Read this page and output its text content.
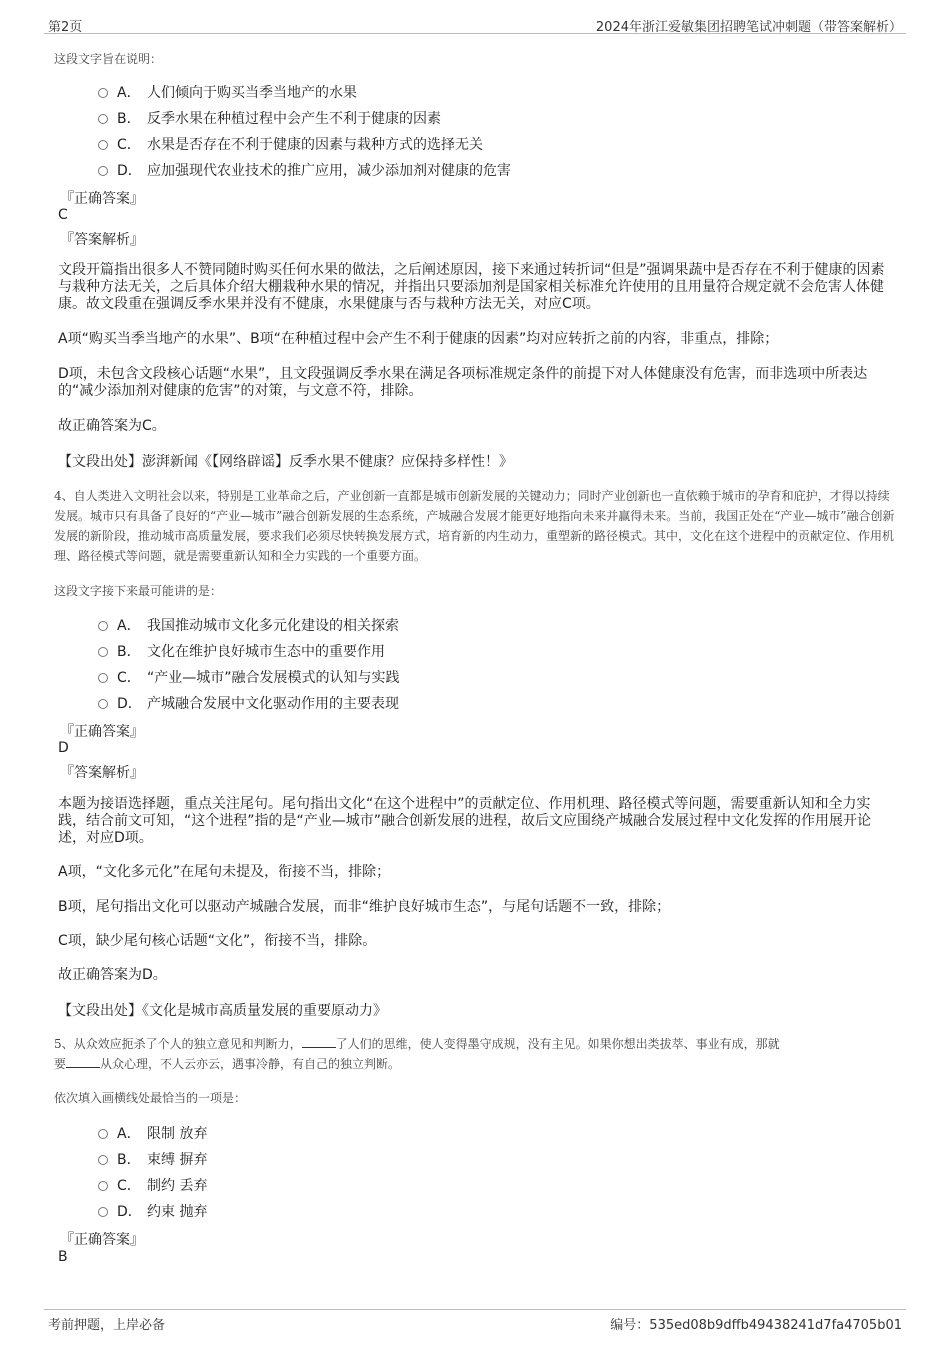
第2页	2024年浙江爱敏集团招聘笔试冲刺题（带答案解析）
这段文字旨在说明：
A． 人们倾向于购买当季当地产的水果
B． 反季水果在种植过程中会产生不利于健康的因素
C． 水果是否存在不利于健康的因素与栽种方式的选择无关
D． 应加强现代农业技术的推广应用，减少添加剂对健康的危害
『正确答案』
C
『答案解析』
文段开篇指出很多人不赞同随时购买任何水果的做法，之后阐述原因，接下来通过转折词“但是”强调果蔬中是否存在不利于健康的因素与栽种方法无关，之后具体介绍大棚栽种水果的情况，并指出只要添加剂是国家相关标准允许使用的且用量符合规定就不会危害人体健康。故文段重在强调反季水果并没有不健康，水果健康与否与栽种方法无关，对应C项。
A项“购买当季当地产的水果”、B项“在种植过程中会产生不利于健康的因素”均对应转折之前的内容，非重点，排除；
D项，未包含文段核心话题“水果”，且文段强调反季水果在满足各项标准规定条件的前提下对人体健康没有危害，而非选项中所表达的“减少添加剂对健康的危害”的对策，与文意不符，排除。
故正确答案为C。
【文段出处】澎湃新闻《【网络辟谣】反季水果不健康？应保持多样性！》
4、自人类进入文明社会以来，特别是工业革命之后，产业创新一直都是城市创新发展的关键动力；同时产业创新也一直依赖于城市的孕育和庇护，才得以持续发展。城市只有具备了良好的“产业—城市”融合创新发展的生态系统，产城融合发展才能更好地指向未来并赢得未来。当前，我国正处在“产业—城市”融合创新发展的新阶段，推动城市高质量发展，要求我们必须尽快转换发展方式，培育新的内生动力，重塑新的路径模式。其中，文化在这个进程中的贡献定位、作用机理、路径模式等问题，就是需要重新认知和全力实践的一个重要方面。
这段文字接下来最可能讲的是：
A． 我国推动城市文化多元化建设的相关探索
B． 文化在维护良好城市生态中的重要作用
C． “产业—城市”融合发展模式的认知与实践
D． 产城融合发展中文化驱动作用的主要表现
『正确答案』
D
『答案解析』
本题为接语选择题，重点关注尾句。尾句指出文化“在这个进程中”的贡献定位、作用机理、路径模式等问题，需要重新认知和全力实践，结合前文可知，“这个进程”指的是“产业—城市”融合创新发展的进程，故后文应围绕产城融合发展过程中文化发挥的作用展开论述，对应D项。
A项，“文化多元化”在尾句未提及，衔接不当，排除；
B项，尾句指出文化可以驱动产城融合发展，而非“维护良好城市生态”，与尾句话题不一致，排除；
C项，缺少尾句核心话题“文化”，衔接不当，排除。
故正确答案为D。
【文段出处】《文化是城市高质量发展的重要原动力》
5、从众效应扼杀了个人的独立意见和判断力，	了人们的思维，使人变得墨守成规，没有主见。如果你想出类拔萃、事业有成，那就
要	从众心理，不人云亦云，遇事冷静，有自己的独立判断。
依次填入画横线处最恰当的一项是：
A． 限制 放弃
B． 束缚 摒弃
C． 制约 丢弃
D． 约束 抛弃
『正确答案』
B
考前押题，上岸必备	编号：535ed08b9dffb49438241d7fa4705b01
